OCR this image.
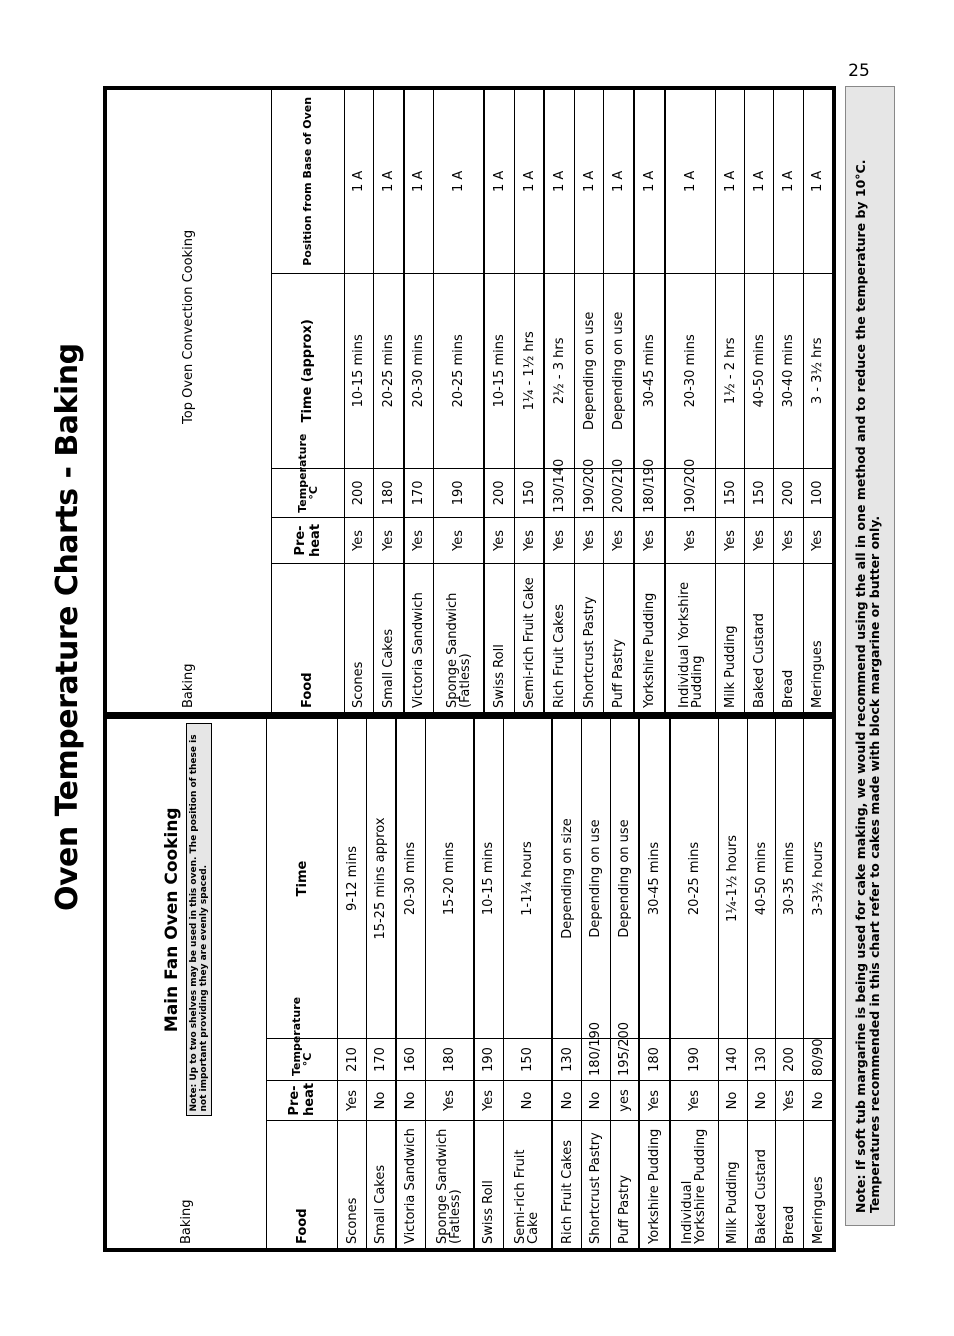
Oven Temperature Charts - Baking
Baking	Main Fan Oven Cooking Note: Up to two shelves may be used in this oven. The position of these is not important providing they are evenly spaced.		

Food	Pre-heat	Temperature °C	Time
Scones	Yes	210	9-12 mins
Small Cakes	No	170	15-25 mins approx
Victoria Sandwich	No	160	20-30 mins
Sponge Sandwich (Fatless)	Yes	180	15-20 mins
Swiss Roll	Yes	190	10-15 mins
Semi-rich Fruit Cake	No	150	1-1¼ hours
Rich Fruit Cakes	No	130	Depending on size
Shortcrust Pastry	No	180/190	Depending on use
Puff Pastry	yes	195/200	Depending on use
Yorkshire Pudding	Yes	180	30-45 mins
Individual Yorkshire Pudding	Yes	190	20-25 mins
Milk Pudding	No	140	1¼-1½ hours
Baked Custard	No	130	40-50 mins
Bread	Yes	200	30-35 mins
Meringues	No	80/90	3-3½ hours
Baking	Top Oven Convection Cooking			
Food	Pre-heat	Temperature °C	Time (approx)	Position from Base of Oven
Scones	Yes	200	10-15 mins	1 A
Small Cakes	Yes	180	20-25 mins	1 A
Victoria Sandwich	Yes	170	20-30 mins	1 A
Sponge Sandwich (Fatless)	Yes	190	20-25 mins	1 A
Swiss Roll	Yes	200	10-15 mins	1 A
Semi-rich Fruit Cake	Yes	150	1¼ - 1½ hrs	1 A
Rich Fruit Cakes	Yes	130/140	2½ - 3 hrs	1 A
Shortcrust Pastry	Yes	190/200	Depending on use	1 A
Puff Pastry	Yes	200/210	Depending on use	1 A
Yorkshire Pudding	Yes	180/190	30-45 mins	1 A
Individual Yorkshire Pudding	Yes	190/200	20-30 mins	1 A
Milk Pudding	Yes	150	1½ - 2 hrs	1 A
Baked Custard	Yes	150	40-50 mins	1 A
Bread	Yes	200	30-40 mins	1 A
Meringues	Yes	100	3 - 3½ hrs	1 A	Note: If soft tub margarine is being used for cake making, we would recommend using the all in one method and to reduce the temperature by 10°C. Temperatures recommended in this chart refer to cakes made with block margarine or butter only.
25
